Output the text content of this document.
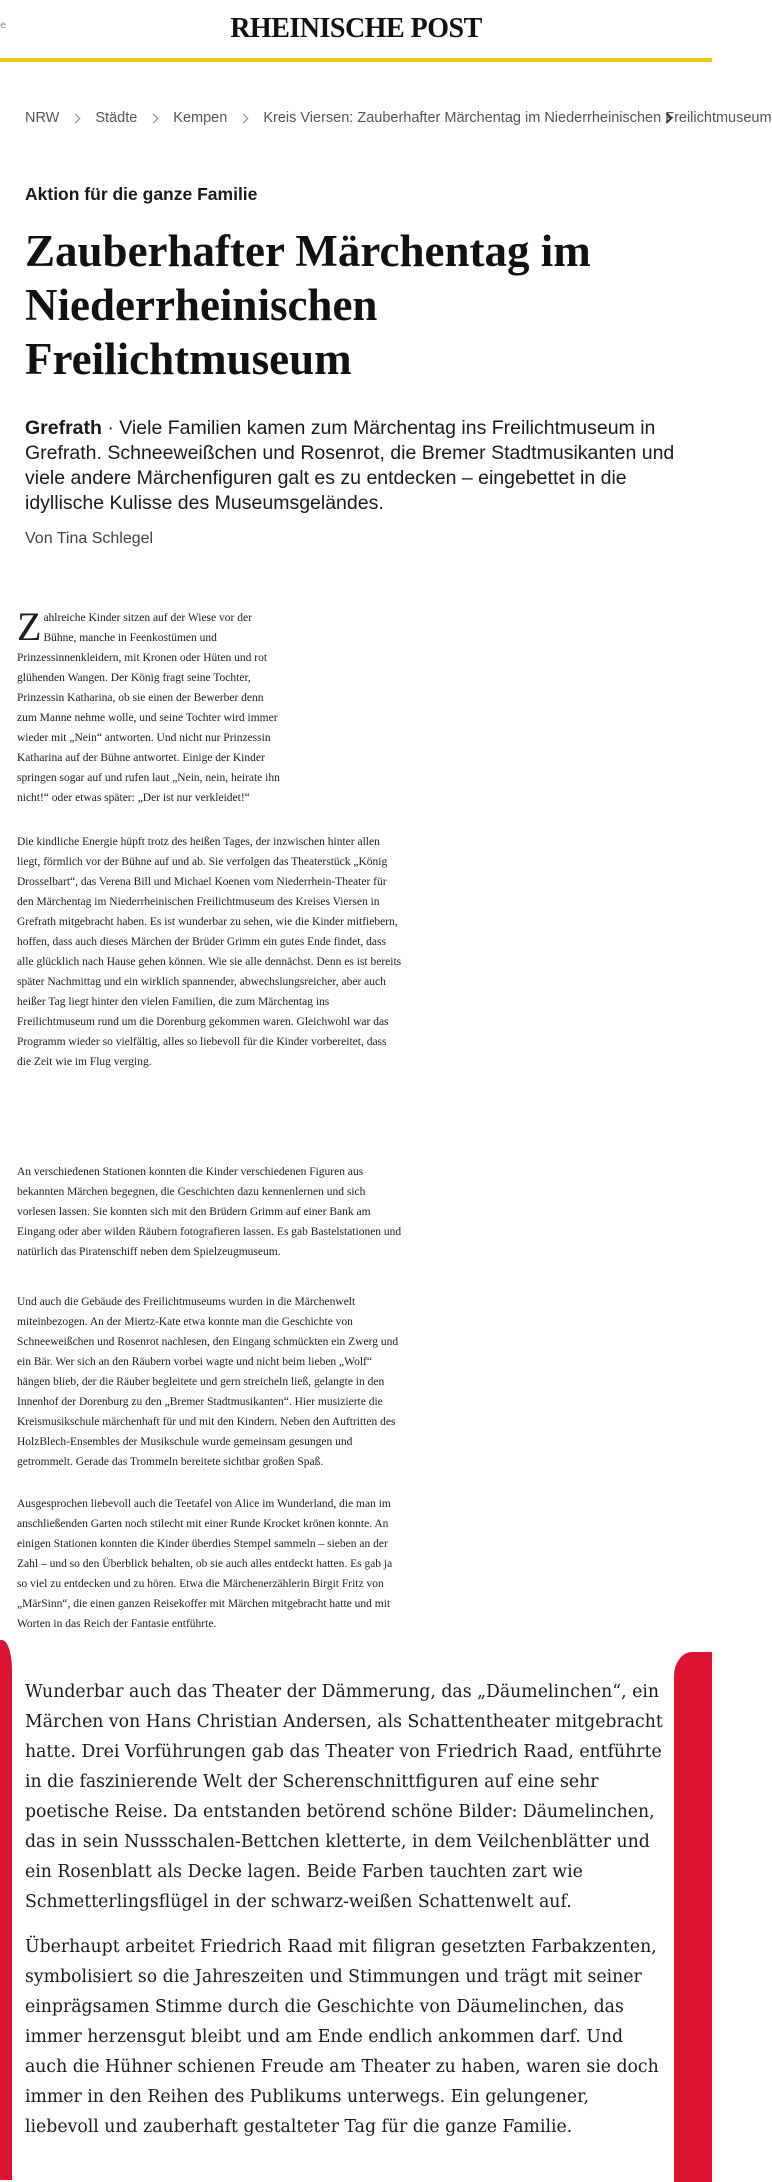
e	RHEINISCHE POST
NRW Städte Kempen Kreis Viersen: Zauberhafter Märchentag im Niederrheinischen Freilichtmuseum
Aktion für die ganze Familie
Zauberhafter Märchentag im Niederrheinischen Freilichtmuseum

Grefrath · Viele Familien kamen zum Märchentag ins Freilichtmuseum in Grefrath. Schneeweißchen und Rosenrot, die Bremer Stadtmusikanten und viele andere Märchenfiguren galt es zu entdecken – eingebettet in die idyllische Kulisse des Museumsgeländes.

Von Tina Schlegel

Zahlreiche Kinder sitzen auf der Wiese vor der Bühne, manche in Feenkostümen und Prinzessinnenkleidern, mit Kronen oder Hüten und rot glühenden Wangen. Der König fragt seine Tochter, Prinzessin Katharina, ob sie einen der Bewerber denn zum Manne nehme wolle, und seine Tochter wird immer wieder mit „Nein“ antworten. Und nicht nur Prinzessin Katharina auf der Bühne antwortet. Einige der Kinder springen sogar auf und rufen laut „Nein, nein, heirate ihn nicht!“ oder etwas später: „Der ist nur verkleidet!“

Die kindliche Energie hüpft trotz des heißen Tages, der inzwischen hinter allen liegt, förmlich vor der Bühne auf und ab. Sie verfolgen das Theaterstück „König Drosselbart“, das Verena Bill und Michael Koenen vom Niederrhein-Theater für den Märchentag im Niederrheinischen Freilichtmuseum des Kreises Viersen in Grefrath mitgebracht haben. Es ist wunderbar zu sehen, wie die Kinder mitfiebern, hoffen, dass auch dieses Märchen der Brüder Grimm ein gutes Ende findet, dass alle glücklich nach Hause gehen können. Wie sie alle dennächst. Denn es ist bereits später Nachmittag und ein wirklich spannender, abwechslungsreicher, aber auch heißer Tag liegt hinter den vielen Familien, die zum Märchentag ins Freilichtmuseum rund um die Dorenburg gekommen waren. Gleichwohl war das Programm wieder so vielfältig, alles so liebevoll für die Kinder vorbereitet, dass die Zeit wie im Flug verging.

An verschiedenen Stationen konnten die Kinder verschiedenen Figuren aus bekannten Märchen begegnen, die Geschichten dazu kennenlernen und sich vorlesen lassen. Sie konnten sich mit den Brüdern Grimm auf einer Bank am Eingang oder aber wilden Räubern fotografieren lassen. Es gab Bastelstationen und natürlich das Piratenschiff neben dem Spielzeugmuseum.

Und auch die Gebäude des Freilichtmuseums wurden in die Märchenwelt miteinbezogen. An der Miertz-Kate etwa konnte man die Geschichte von Schneeweißchen und Rosenrot nachlesen, den Eingang schmückten ein Zwerg und ein Bär. Wer sich an den Räubern vorbei wagte und nicht beim lieben „Wolf“ hängen blieb, der die Räuber begleitete und gern streicheln ließ, gelangte in den Innenhof der Dorenburg zu den „Bremer Stadtmusikanten“. Hier musizierte die Kreismusikschule märchenhaft für und mit den Kindern. Neben den Auftritten des HolzBlech-Ensembles der Musikschule wurde gemeinsam gesungen und getrommelt. Gerade das Trommeln bereitete sichtbar großen Spaß.

Ausgesprochen liebevoll auch die Teetafel von Alice im Wunderland, die man im anschließenden Garten noch stilecht mit einer Runde Krocket krönen konnte. An einigen Stationen konnten die Kinder überdies Stempel sammeln – sieben an der Zahl – und so den Überblick behalten, ob sie auch alles entdeckt hatten. Es gab ja so viel zu entdecken und zu hören. Etwa die Märchenerzählerin Birgit Fritz von „MärSinn“, die einen ganzen Reisekoffer mit Märchen mitgebracht hatte und mit Worten in das Reich der Fantasie entführte.

Wunderbar auch das Theater der Dämmerung, das „Däumelinchen“, ein Märchen von Hans Christian Andersen, als Schattentheater mitgebracht hatte. Drei Vorführungen gab das Theater von Friedrich Raad, entführte in die faszinierende Welt der Scherenschnittfiguren auf eine sehr poetische Reise. Da entstanden betörend schöne Bilder: Däumelinchen, das in sein Nussschalen-Bettchen kletterte, in dem Veilchenblätter und ein Rosenblatt als Decke lagen. Beide Farben tauchten zart wie Schmetterlingsflügel in der schwarz-weißen Schattenwelt auf.

Überhaupt arbeitet Friedrich Raad mit filigran gesetzten Farbakzenten, symbolisiert so die Jahreszeiten und Stimmungen und trägt mit seiner einprägsamen Stimme durch die Geschichte von Däumelinchen, das immer herzensgut bleibt und am Ende endlich ankommen darf. Und auch die Hühner schienen Freude am Theater zu haben, waren sie doch immer in den Reihen des Publikums unterwegs. Ein gelungener, liebevoll und zauberhaft gestalteter Tag für die ganze Familie.
